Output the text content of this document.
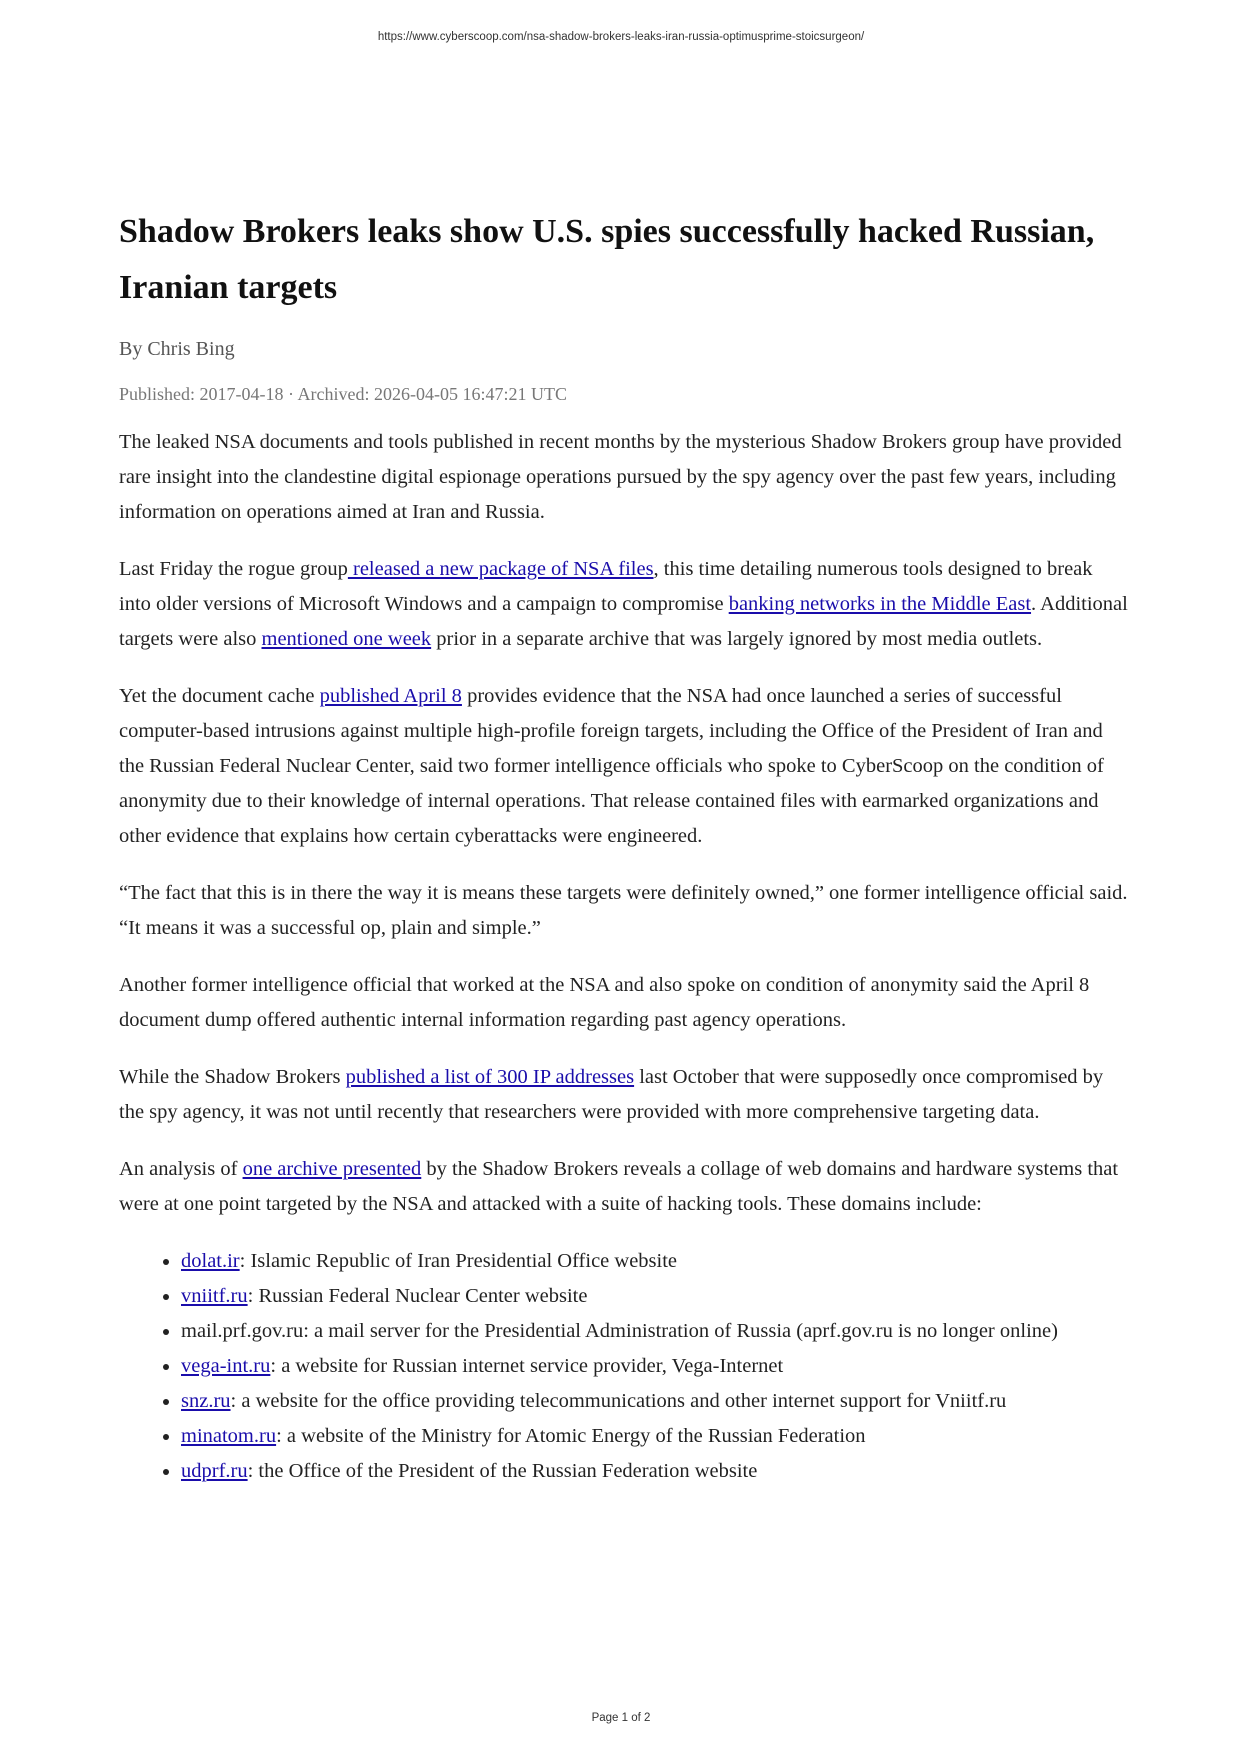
https://www.cyberscoop.com/nsa-shadow-brokers-leaks-iran-russia-optimusprime-stoicsurgeon/
Shadow Brokers leaks show U.S. spies successfully hacked Russian, Iranian targets
By Chris Bing
Published: 2017-04-18 · Archived: 2026-04-05 16:47:21 UTC

The leaked NSA documents and tools published in recent months by the mysterious Shadow Brokers group have provided rare insight into the clandestine digital espionage operations pursued by the spy agency over the past few years, including information on operations aimed at Iran and Russia.

Last Friday the rogue group released a new package of NSA files, this time detailing numerous tools designed to break into older versions of Microsoft Windows and a campaign to compromise banking networks in the Middle East. Additional targets were also mentioned one week prior in a separate archive that was largely ignored by most media outlets.

Yet the document cache published April 8 provides evidence that the NSA had once launched a series of successful computer-based intrusions against multiple high-profile foreign targets, including the Office of the President of Iran and the Russian Federal Nuclear Center, said two former intelligence officials who spoke to CyberScoop on the condition of anonymity due to their knowledge of internal operations. That release contained files with earmarked organizations and other evidence that explains how certain cyberattacks were engineered.

“The fact that this is in there the way it is means these targets were definitely owned,” one former intelligence official said. “It means it was a successful op, plain and simple.”

Another former intelligence official that worked at the NSA and also spoke on condition of anonymity said the April 8 document dump offered authentic internal information regarding past agency operations.

While the Shadow Brokers published a list of 300 IP addresses last October that were supposedly once compromised by the spy agency, it was not until recently that researchers were provided with more comprehensive targeting data.

An analysis of one archive presented by the Shadow Brokers reveals a collage of web domains and hardware systems that were at one point targeted by the NSA and attacked with a suite of hacking tools. These domains include:

• dolat.ir: Islamic Republic of Iran Presidential Office website
• vniitf.ru: Russian Federal Nuclear Center website
• mail.prf.gov.ru: a mail server for the Presidential Administration of Russia (aprf.gov.ru is no longer online)
• vega-int.ru: a website for Russian internet service provider, Vega-Internet
• snz.ru: a website for the office providing telecommunications and other internet support for Vniitf.ru
• minatom.ru: a website of the Ministry for Atomic Energy of the Russian Federation
• udprf.ru: the Office of the President of the Russian Federation website
Page 1 of 2
